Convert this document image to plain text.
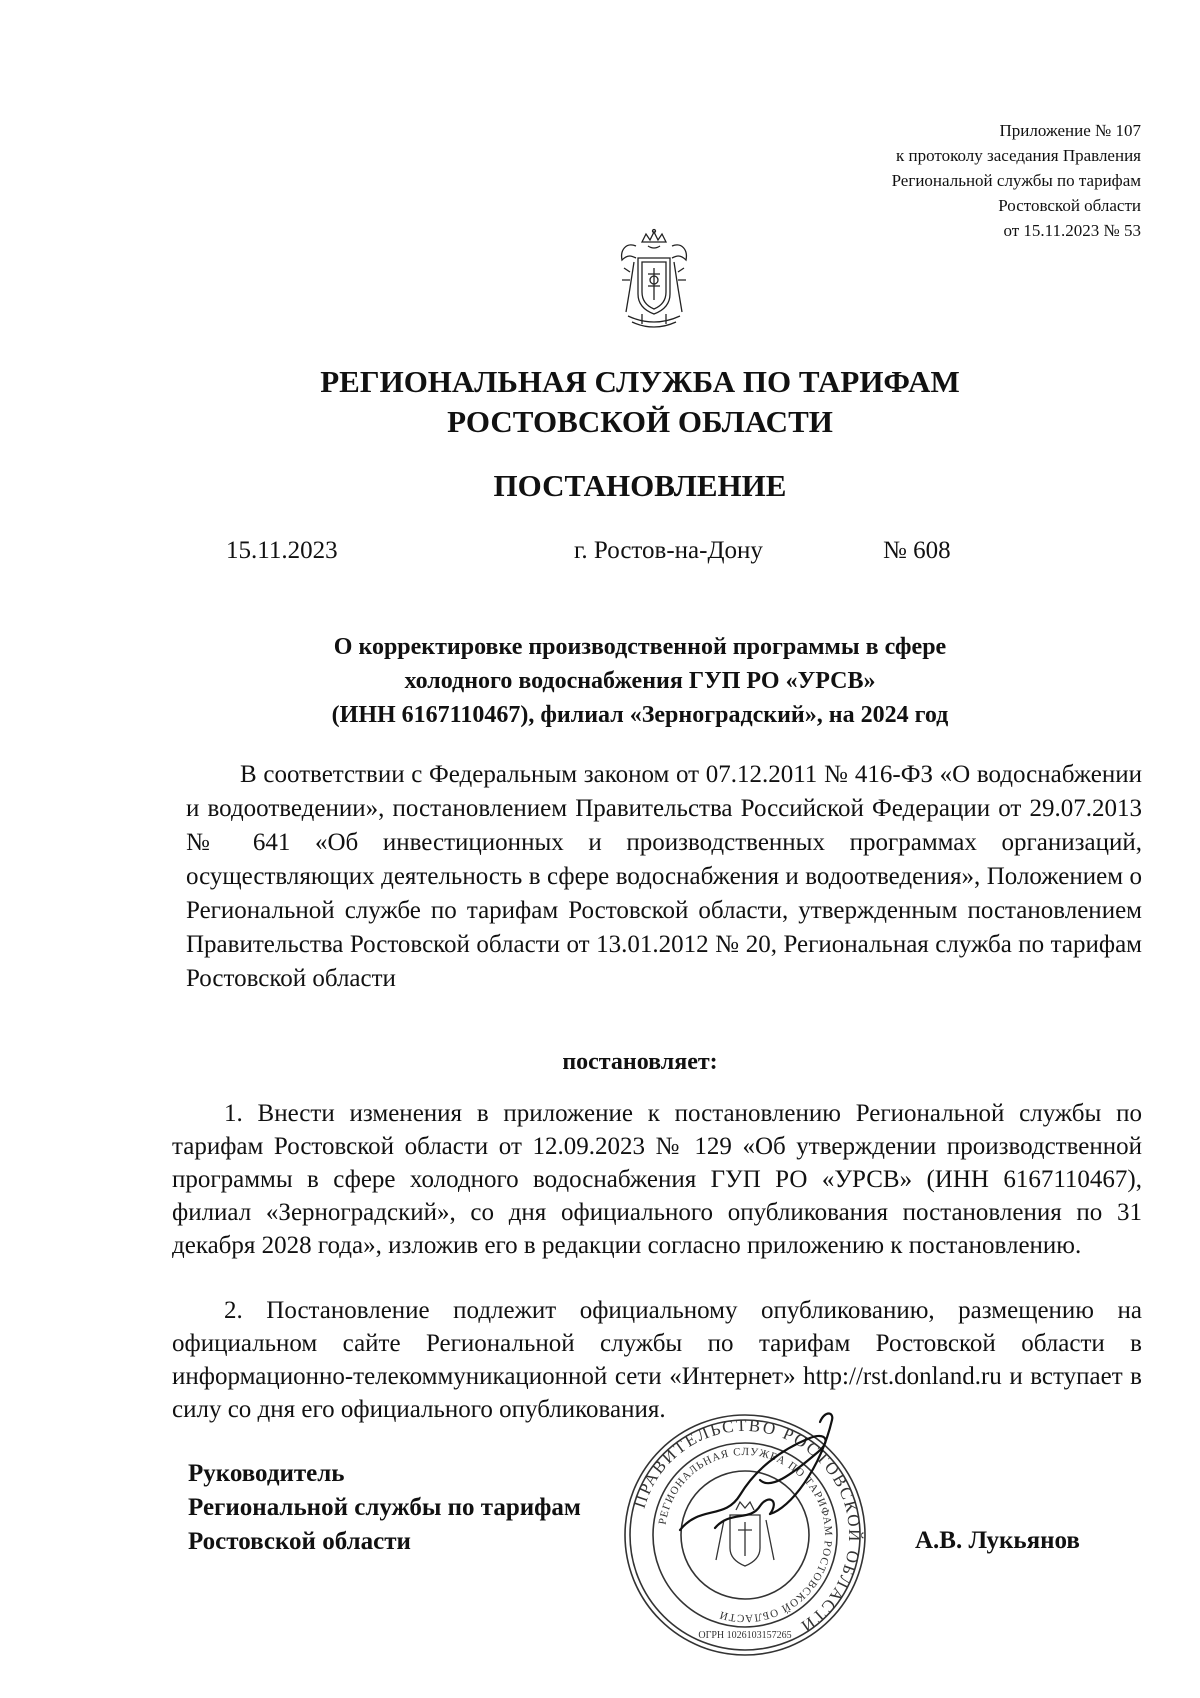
Приложение № 107
к протоколу заседания Правления
Региональной службы по тарифам
Ростовской области
от 15.11.2023 № 53
РЕГИОНАЛЬНАЯ СЛУЖБА ПО ТАРИФАМ
РОСТОВСКОЙ ОБЛАСТИ
ПОСТАНОВЛЕНИЕ
15.11.2023	г. Ростов-на-Дону	№ 608
О корректировке производственной программы в сфере
холодного водоснабжения ГУП РО «УРСВ»
(ИНН 6167110467), филиал «Зерноградский», на 2024 год
В соответствии с Федеральным законом от 07.12.2011 № 416-ФЗ «О водоснабжении и водоотведении», постановлением Правительства Российской Федерации от 29.07.2013 № 641 «Об инвестиционных и производственных программах организаций, осуществляющих деятельность в сфере водоснабжения и водоотведения», Положением о Региональной службе по тарифам Ростовской области, утвержденным постановлением Правительства Ростовской области от 13.01.2012 № 20, Региональная служба по тарифам Ростовской области
постановляет:
1. Внести изменения в приложение к постановлению Региональной службы по тарифам Ростовской области от 12.09.2023 № 129 «Об утверждении производственной программы в сфере холодного водоснабжения ГУП РО «УРСВ» (ИНН 6167110467), филиал «Зерноградский», со дня официального опубликования постановления по 31 декабря 2028 года», изложив его в редакции согласно приложению к постановлению.
2. Постановление подлежит официальному опубликованию, размещению на официальном сайте Региональной службы по тарифам Ростовской области в информационно-телекоммуникационной сети «Интернет» http://rst.donland.ru и вступает в силу со дня его официального опубликования.
Руководитель
Региональной службы по тарифам
Ростовской области	А.В. Лукьянов
ПРАВИТЕЛЬСТВО РОСТОВСКОЙ ОБЛАСТИ
РЕГИОНАЛЬНАЯ СЛУЖБА ПО ТАРИФАМ РОСТОВСКОЙ ОБЛАСТИ
ОГРН 1026103157265
